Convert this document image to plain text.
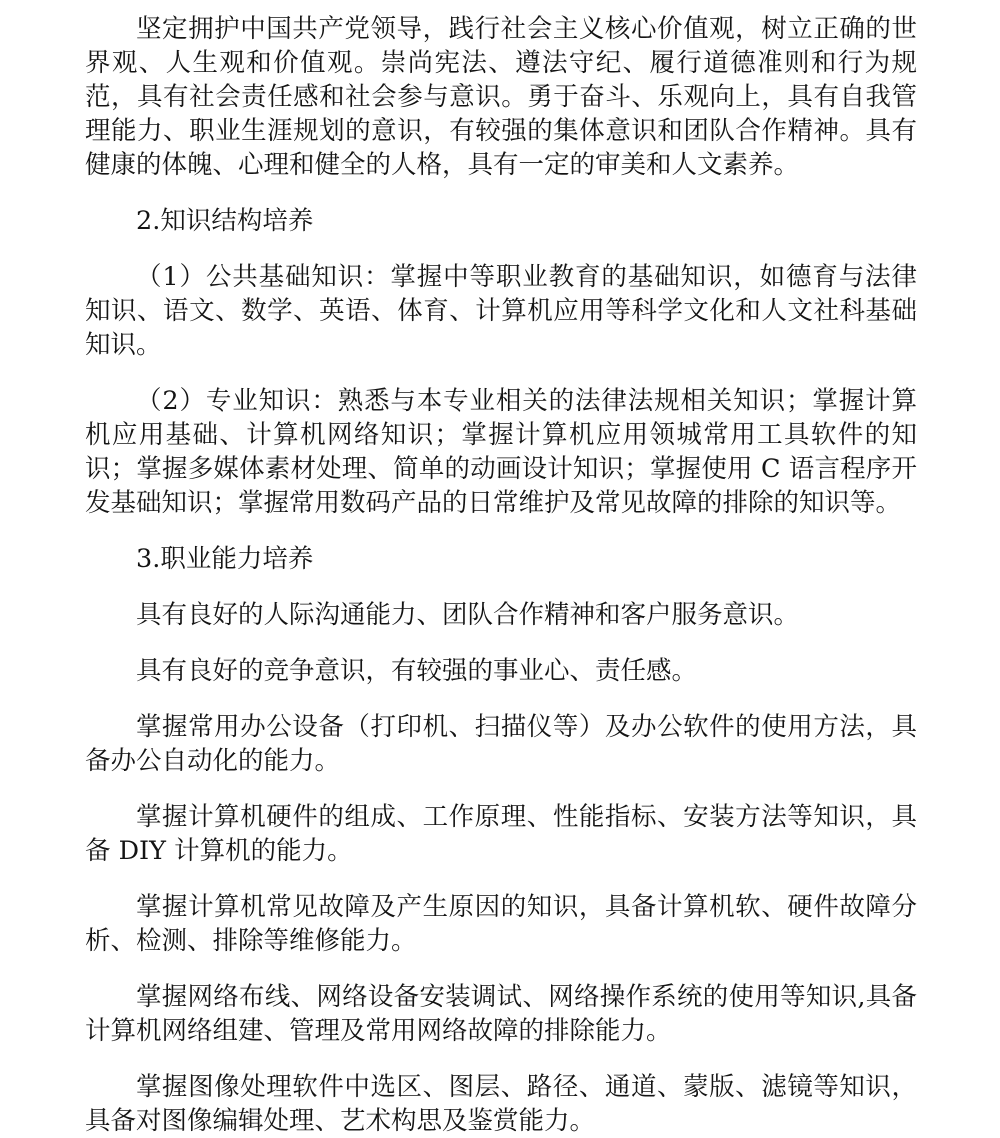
坚定拥护中国共产党领导，践行社会主义核心价值观，树立正确的世界观、人生观和价值观。崇尚宪法、遵法守纪、履行道德准则和行为规范，具有社会责任感和社会参与意识。勇于奋斗、乐观向上，具有自我管理能力、职业生涯规划的意识，有较强的集体意识和团队合作精神。具有健康的体魄、心理和健全的人格，具有一定的审美和人文素养。

2.知识结构培养

（1）公共基础知识：掌握中等职业教育的基础知识，如德育与法律知识、语文、数学、英语、体育、计算机应用等科学文化和人文社科基础知识。

（2）专业知识：熟悉与本专业相关的法律法规相关知识；掌握计算机应用基础、计算机网络知识；掌握计算机应用领城常用工具软件的知识；掌握多媒体素材处理、简单的动画设计知识；掌握使用 C 语言程序开发基础知识；掌握常用数码产品的日常维护及常见故障的排除的知识等。

3.职业能力培养

具有良好的人际沟通能力、团队合作精神和客户服务意识。

具有良好的竞争意识，有较强的事业心、责任感。

掌握常用办公设备（打印机、扫描仪等）及办公软件的使用方法，具备办公自动化的能力。

掌握计算机硬件的组成、工作原理、性能指标、安装方法等知识，具备 DIY 计算机的能力。

掌握计算机常见故障及产生原因的知识，具备计算机软、硬件故障分析、检测、排除等维修能力。

掌握网络布线、网络设备安装调试、网络操作系统的使用等知识,具备计算机网络组建、管理及常用网络故障的排除能力。

掌握图像处理软件中选区、图层、路径、通道、蒙版、滤镜等知识，具备对图像编辑处理、艺术构思及鉴赏能力。
